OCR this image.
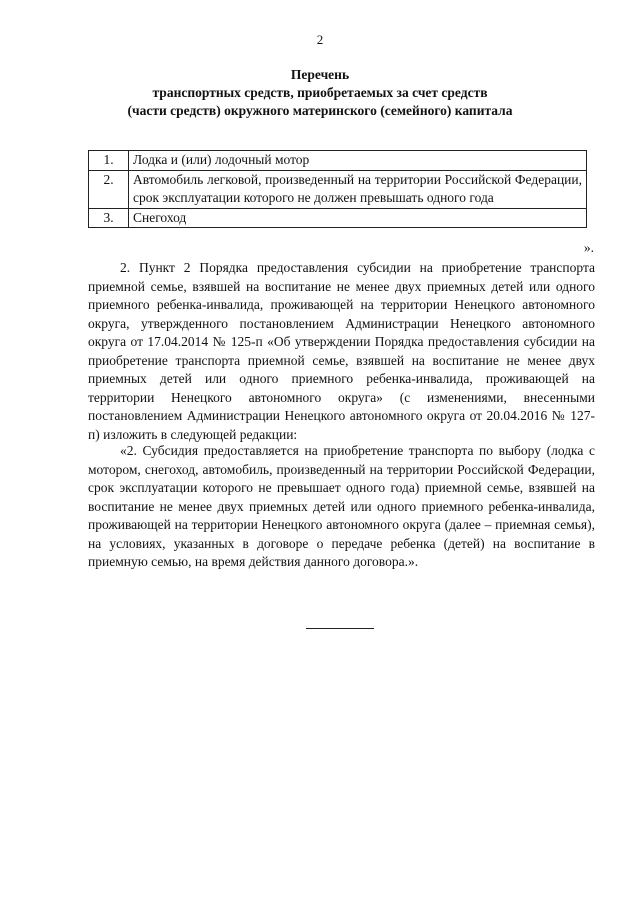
2
Перечень
транспортных средств, приобретаемых за счет средств
(части средств) окружного материнского (семейного) капитала
1.	Лодка и (или) лодочный мотор
2.	Автомобиль легковой, произведенный на территории Российской Федерации, срок эксплуатации которого не должен превышать одного года
3.	Снегоход
».
2. Пункт 2 Порядка предоставления субсидии на приобретение транспорта приемной семье, взявшей на воспитание не менее двух приемных детей или одного приемного ребенка-инвалида, проживающей на территории Ненецкого автономного округа, утвержденного постановлением Администрации Ненецкого автономного округа от 17.04.2014 № 125-п «Об утверждении Порядка предоставления субсидии на приобретение транспорта приемной семье, взявшей на воспитание не менее двух приемных детей или одного приемного ребенка-инвалида, проживающей на территории Ненецкого автономного округа» (с изменениями, внесенными постановлением Администрации Ненецкого автономного округа от 20.04.2016 № 127-п) изложить в следующей редакции:
«2. Субсидия предоставляется на приобретение транспорта по выбору (лодка с мотором, снегоход, автомобиль, произведенный на территории Российской Федерации, срок эксплуатации которого не превышает одного года) приемной семье, взявшей на воспитание не менее двух приемных детей или одного приемного ребенка-инвалида, проживающей на территории Ненецкого автономного округа (далее – приемная семья), на условиях, указанных в договоре о передаче ребенка (детей) на воспитание в приемную семью, на время действия данного договора.».
